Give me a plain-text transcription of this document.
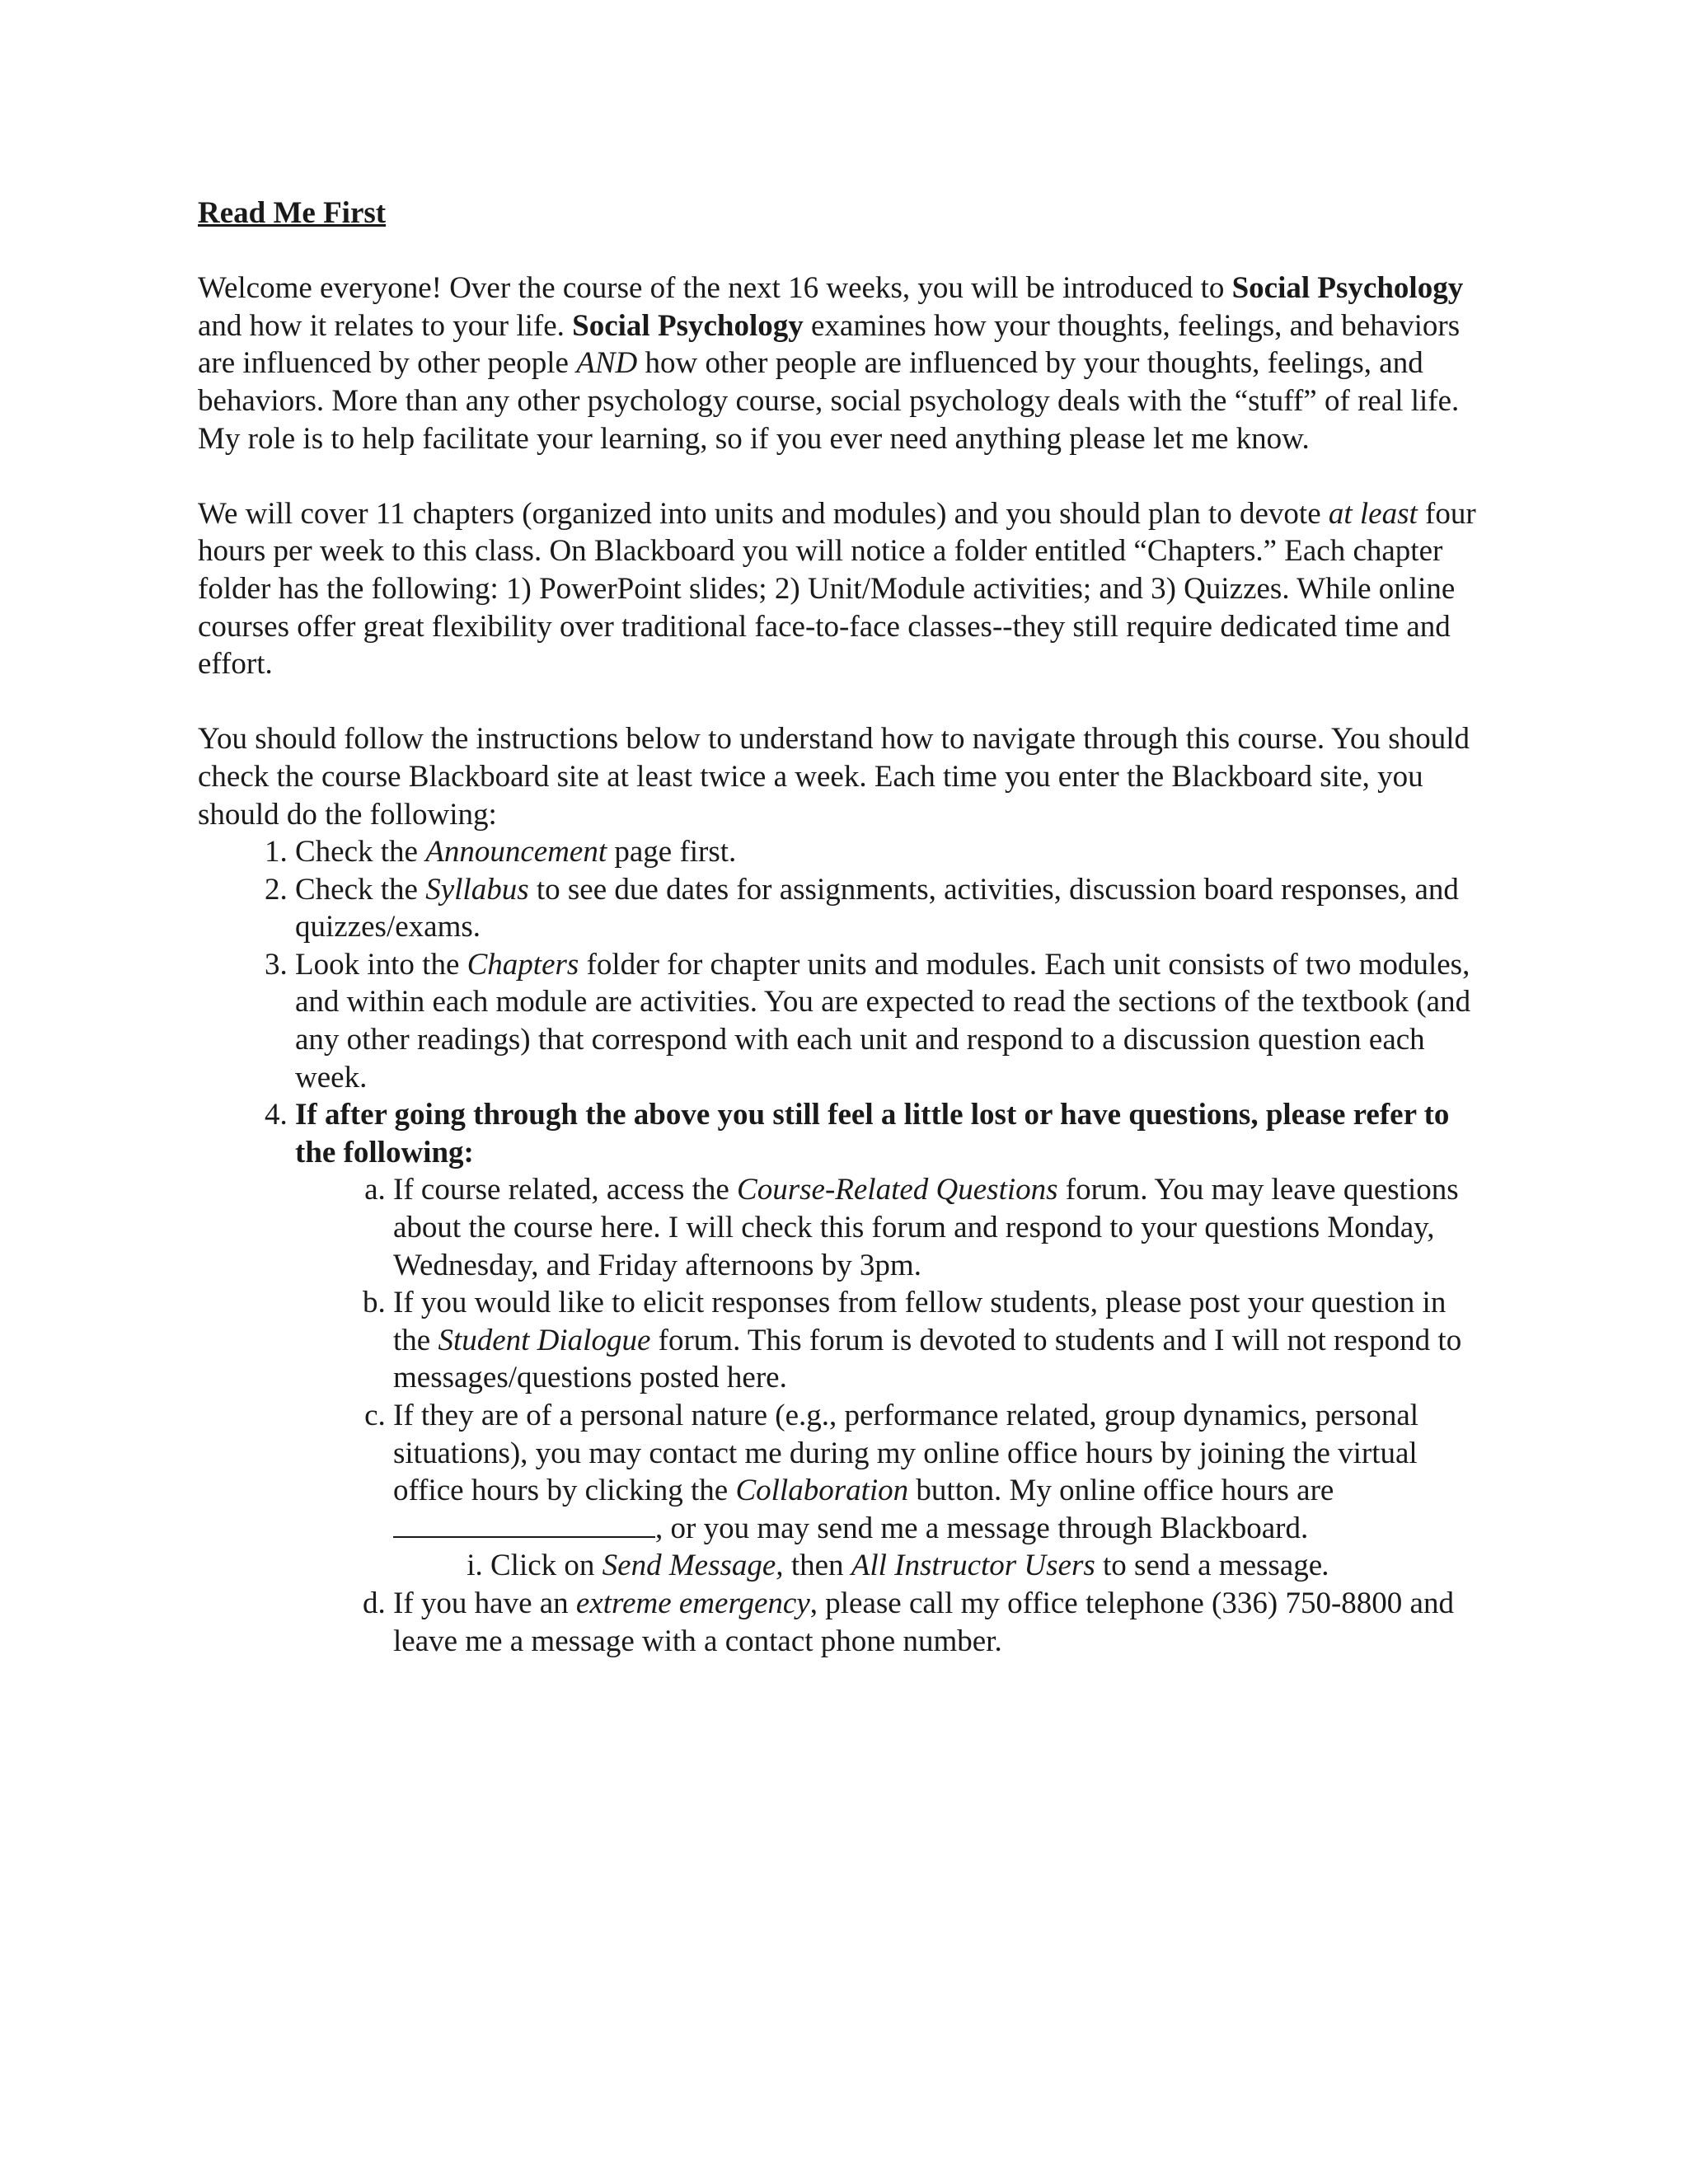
Read Me First

Welcome everyone! Over the course of the next 16 weeks, you will be introduced to Social Psychology and how it relates to your life. Social Psychology examines how your thoughts, feelings, and behaviors are influenced by other people AND how other people are influenced by your thoughts, feelings, and behaviors. More than any other psychology course, social psychology deals with the “stuff” of real life. My role is to help facilitate your learning, so if you ever need anything please let me know.

We will cover 11 chapters (organized into units and modules) and you should plan to devote at least four hours per week to this class. On Blackboard you will notice a folder entitled “Chapters.” Each chapter folder has the following: 1) PowerPoint slides; 2) Unit/Module activities; and 3) Quizzes. While online courses offer great flexibility over traditional face-to-face classes--they still require dedicated time and effort.

You should follow the instructions below to understand how to navigate through this course. You should check the course Blackboard site at least twice a week. Each time you enter the Blackboard site, you should do the following:

1. Check the Announcement page first.
2. Check the Syllabus to see due dates for assignments, activities, discussion board responses, and quizzes/exams.
3. Look into the Chapters folder for chapter units and modules. Each unit consists of two modules, and within each module are activities. You are expected to read the sections of the textbook (and any other readings) that correspond with each unit and respond to a discussion question each week.
4. If after going through the above you still feel a little lost or have questions, please refer to the following:
a. If course related, access the Course-Related Questions forum. You may leave questions about the course here. I will check this forum and respond to your questions Monday, Wednesday, and Friday afternoons by 3pm.
b. If you would like to elicit responses from fellow students, please post your question in the Student Dialogue forum. This forum is devoted to students and I will not respond to messages/questions posted here.
c. If they are of a personal nature (e.g., performance related, group dynamics, personal situations), you may contact me during my online office hours by joining the virtual office hours by clicking the Collaboration button. My online office hours are , or you may send me a message through Blackboard.
i. Click on Send Message, then All Instructor Users to send a message.
d. If you have an extreme emergency, please call my office telephone (336) 750-8800 and leave me a message with a contact phone number.
